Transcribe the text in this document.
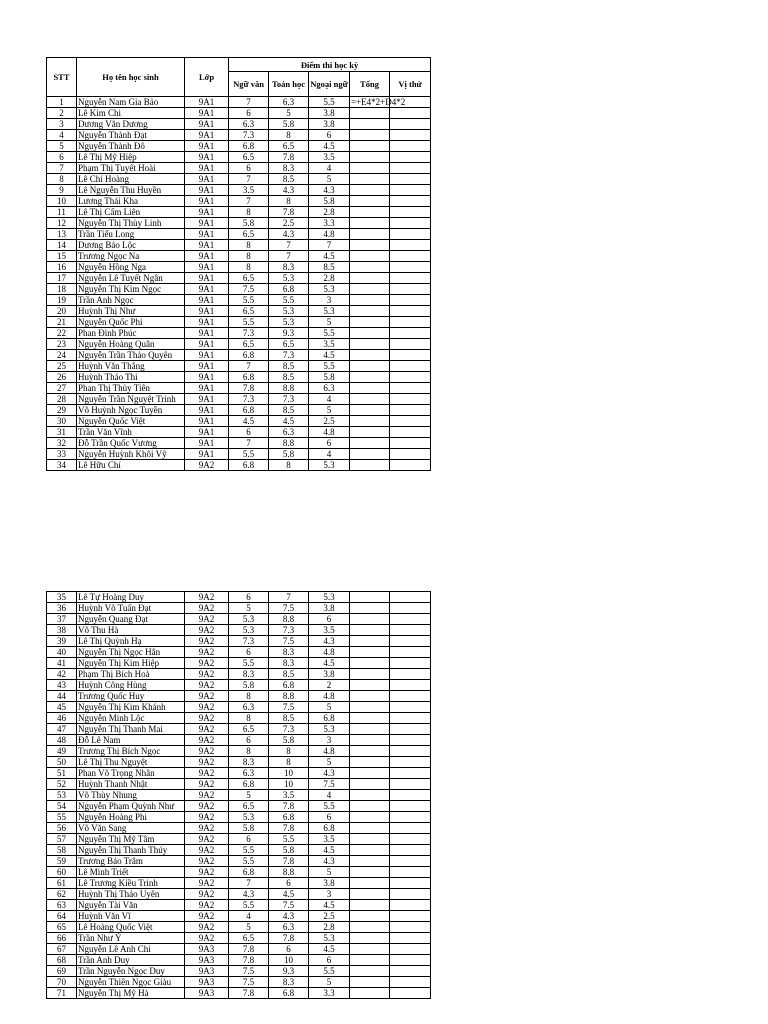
STT	Họ tên học sinh	Lớp	Điểm thi học kỳ				
			Ngữ văn	Toán học	Ngoại ngữ	Tổng	Vị thứ
1	Nguyễn Nam Gia Bảo	9A1	7	6.3	5.5	=+E4*2+D4*2	
2	Lê Kim Chi	9A1	6	5	3.8		
3	Dương Văn Dương	9A1	6.3	5.8	3.8		
4	Nguyễn Thành Đạt	9A1	7.3	8	6		
5	Nguyễn Thành Đô	9A1	6.8	6.5	4.5		
6	Lê Thị Mỹ Hiệp	9A1	6.5	7.8	3.5		
7	Phạm Thị Tuyết Hoài	9A1	6	8.3	4		
8	Lê Chí Hoàng	9A1	7	8.5	5		
9	Lê Nguyễn Thu Huyền	9A1	3.5	4.3	4.3		
10	Lương Thái Kha	9A1	7	8	5.8		
11	Lê Thị Cẩm Liên	9A1	8	7.8	2.8		
12	Nguyễn Thị Thùy Linh	9A1	5.8	2.5	3.3		
13	Trần Tiểu Long	9A1	6.5	4.3	4.8		
14	Dương Bảo Lộc	9A1	8	7	7		
15	Trương Ngọc Na	9A1	8	7	4.5		
16	Nguyễn Hồng Nga	9A1	8	8.3	8.5		
17	Nguyễn Lê Tuyết Ngân	9A1	6.5	5.3	2.8		
18	Nguyễn Thị Kim Ngọc	9A1	7.5	6.8	5.3		
19	Trần Anh Ngọc	9A1	5.5	5.5	3		
20	Huỳnh Thị Như	9A1	6.5	5.3	5.3		
21	Nguyễn Quốc Phi	9A1	5.5	5.3	5		
22	Phan Đình Phúc	9A1	7.3	9.3	5.5		
23	Nguyễn Hoàng Quân	9A1	6.5	6.5	3.5		
24	Nguyễn Trần Thảo Quyên	9A1	6.8	7.3	4.5		
25	Huỳnh Văn Thắng	9A1	7	8.5	5.5		
26	Huỳnh Thảo Thi	9A1	6.8	8.5	5.8		
27	Phan Thị Thủy Tiên	9A1	7.8	8.8	6.3		
28	Nguyễn Trần Nguyệt Trinh	9A1	7.3	7.3	4		
29	Võ Huỳnh Ngọc Tuyền	9A1	6.8	8.5	5		
30	Nguyễn Quốc Việt	9A1	4.5	4.5	2.5		
31	Trần Văn Vĩnh	9A1	6	6.3	4.8		
32	Đỗ Trần Quốc Vương	9A1	7	8.8	6		
33	Nguyễn Huỳnh Khôi Vỹ	9A1	5.5	5.8	4		
34	Lê Hữu Chí	9A2	6.8	8	5.3		
35	Lê Tự Hoàng Duy	9A2	6	7	5.3		
36	Huỳnh Võ Tuấn Đạt	9A2	5	7.5	3.8		
37	Nguyễn Quang Đạt	9A2	5.3	8.8	6		
38	Võ Thu Hà	9A2	5.3	7.3	3.5		
39	Lê Thị Quỳnh Hạ	9A2	7.3	7.5	4.3		
40	Nguyễn Thị Ngọc Hân	9A2	6	8.3	4.8		
41	Nguyễn Thị Kim Hiệp	9A2	5.5	8.3	4.5		
42	Phạm Thị Bích Hoà	9A2	8.3	8.5	3.8		
43	Huỳnh Công Hùng	9A2	5.8	6.8	2		
44	Trương Quốc Huy	9A2	8	8.8	4.8		
45	Nguyễn Thị Kim Khánh	9A2	6.3	7.5	5		
46	Nguyễn Minh Lộc	9A2	8	8.5	6.8		
47	Nguyễn Thị Thanh Mai	9A2	6.5	7.3	5.3		
48	Đỗ Lê Nam	9A2	6	5.8	3		
49	Trương Thị Bích Ngọc	9A2	8	8	4.8		
50	Lê Thị Thu Nguyệt	9A2	8.3	8	5		
51	Phan Võ Trọng Nhân	9A2	6.3	10	4.3		
52	Huỳnh Thanh Nhật	9A2	6.8	10	7.5		
53	Võ Thùy Nhung	9A2	5	3.5	4		
54	Nguyễn Phạm Quỳnh Như	9A2	6.5	7.8	5.5		
55	Nguyễn Hoàng Phi	9A2	5.3	6.8	6		
56	Võ Văn Sang	9A2	5.8	7.8	6.8		
57	Nguyễn Thị Mỹ Tâm	9A2	6	5.5	3.5		
58	Nguyễn Thị Thanh Thúy	9A2	5.5	5.8	4.5		
59	Trương Bảo Trâm	9A2	5.5	7.8	4.3		
60	Lê Minh Triết	9A2	6.8	8.8	5		
61	Lê Trương Kiều Trinh	9A2	7	6	3.8		
62	Huỳnh Thị Thảo Uyên	9A2	4.3	4.5	3		
63	Nguyễn Tài Văn	9A2	5.5	7.5	4.5		
64	Huỳnh Văn Vĩ	9A2	4	4.3	2.5		
65	Lê Hoàng Quốc Việt	9A2	5	6.3	2.8		
66	Trần Như Ý	9A2	6.5	7.8	5.3		
67	Nguyễn Lê Anh Chi	9A3	7.8	6	4.5		
68	Trần Anh Duy	9A3	7.8	10	6		
69	Trần Nguyễn Ngọc Duy	9A3	7.5	9.3	5.5		
70	Nguyễn Thiên Ngọc Giàu	9A3	7.5	8.3	5		
71	Nguyễn Thị Mỹ Hà	9A3	7.8	6.8	3.3		
